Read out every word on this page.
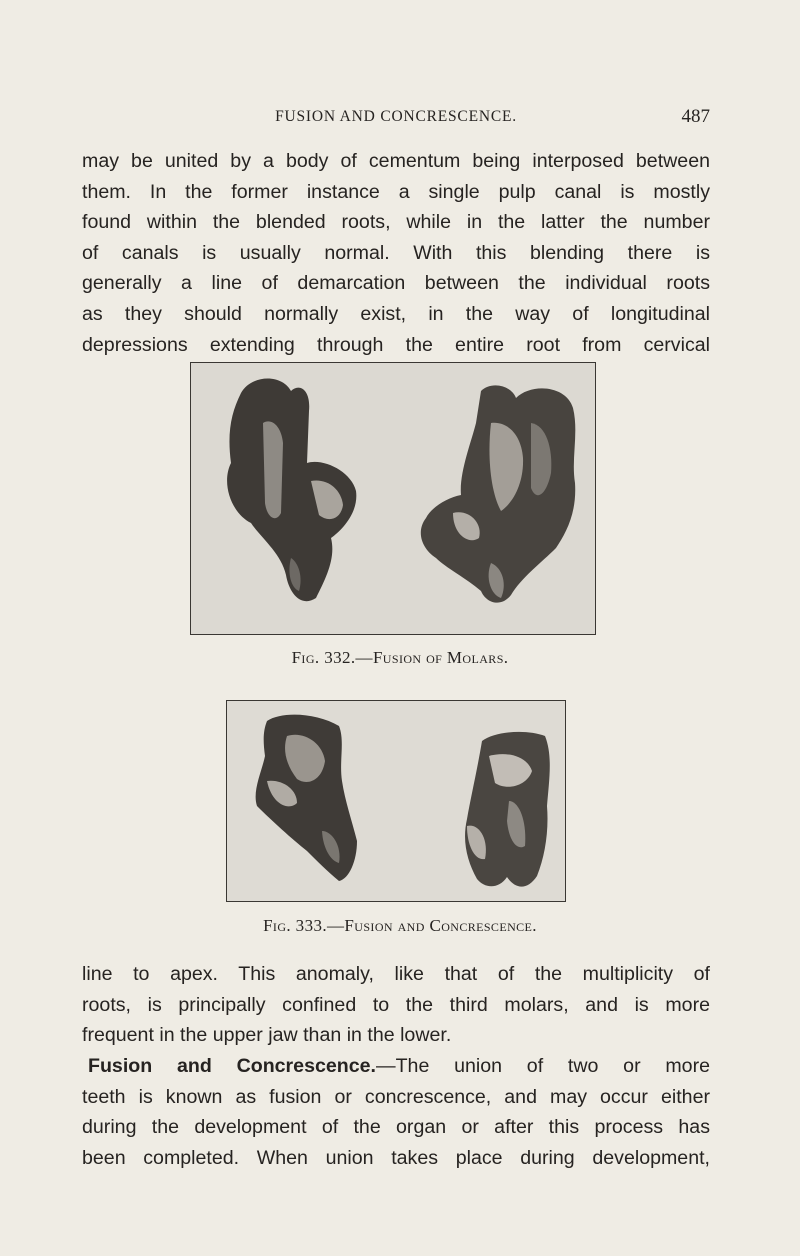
FUSION AND CONCRESCENCE.	487
may be united by a body of cementum being interposed between
them. In the former instance a single pulp canal is mostly
found within the blended roots, while in the latter the number
of canals is usually normal. With this blending there is
generally a line of demarcation between the individual roots
as they should normally exist, in the way of longitudinal
depressions extending through the entire root from cervical
Fig. 332.—Fusion of Molars.
Fig. 333.—Fusion and Concrescence.
line to apex. This anomaly, like that of the multiplicity of
roots, is principally confined to the third molars, and is more
frequent in the upper jaw than in the lower.
Fusion and Concrescence.—The union of two or more
teeth is known as fusion or concrescence, and may occur either
during the development of the organ or after this process has
been completed. When union takes place during development,
